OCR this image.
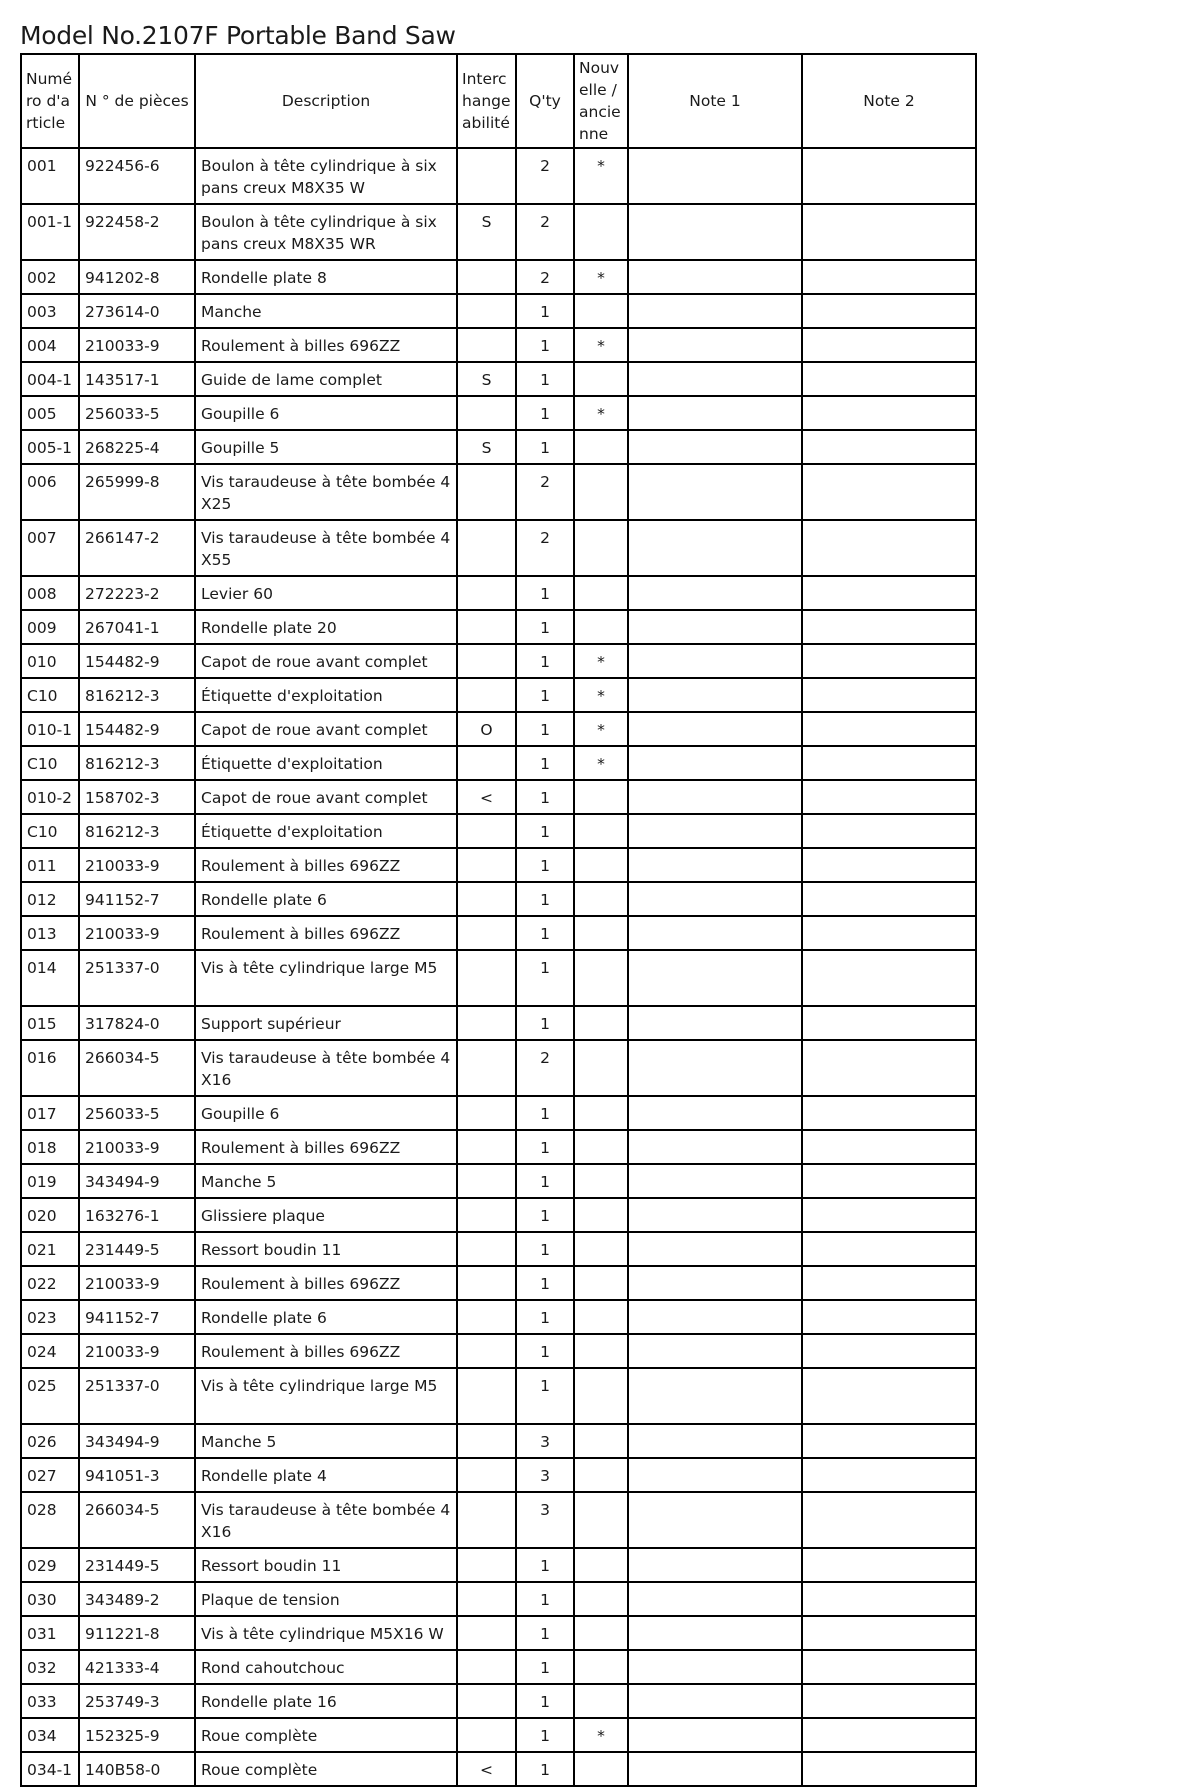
Model No.2107F Portable Band Saw
Numéro d'article	N ° de pièces	Description	Interchangeabilité	Q'ty	Nouvelle / ancienne	Note 1	Note 2
001	922456-6	Boulon à tête cylindrique à six pans creux M8X35 W		2	*		
001-1	922458-2	Boulon à tête cylindrique à six pans creux M8X35 WR	S	2			
002	941202-8	Rondelle plate 8		2	*		
003	273614-0	Manche		1			
004	210033-9	Roulement à billes 696ZZ		1	*		
004-1	143517-1	Guide de lame complet	S	1			
005	256033-5	Goupille 6		1	*		
005-1	268225-4	Goupille 5	S	1			
006	265999-8	Vis taraudeuse à tête bombée 4X25		2			
007	266147-2	Vis taraudeuse à tête bombée 4X55		2			
008	272223-2	Levier 60		1			
009	267041-1	Rondelle plate 20		1			
010	154482-9	Capot de roue avant complet		1	*		
C10	816212-3	Étiquette d'exploitation		1	*		
010-1	154482-9	Capot de roue avant complet	O	1	*		
C10	816212-3	Étiquette d'exploitation		1	*		
010-2	158702-3	Capot de roue avant complet	<	1			
C10	816212-3	Étiquette d'exploitation		1			
011	210033-9	Roulement à billes 696ZZ		1			
012	941152-7	Rondelle plate 6		1			
013	210033-9	Roulement à billes 696ZZ		1			
014	251337-0	Vis à tête cylindrique large M5		1			
015	317824-0	Support supérieur		1			
016	266034-5	Vis taraudeuse à tête bombée 4X16		2			
017	256033-5	Goupille 6		1			
018	210033-9	Roulement à billes 696ZZ		1			
019	343494-9	Manche 5		1			
020	163276-1	Glissiere plaque		1			
021	231449-5	Ressort boudin 11		1			
022	210033-9	Roulement à billes 696ZZ		1			
023	941152-7	Rondelle plate 6		1			
024	210033-9	Roulement à billes 696ZZ		1			
025	251337-0	Vis à tête cylindrique large M5		1			
026	343494-9	Manche 5		3			
027	941051-3	Rondelle plate 4		3			
028	266034-5	Vis taraudeuse à tête bombée 4X16		3			
029	231449-5	Ressort boudin 11		1			
030	343489-2	Plaque de tension		1			
031	911221-8	Vis à tête cylindrique M5X16 W		1			
032	421333-4	Rond cahoutchouc		1			
033	253749-3	Rondelle plate 16		1			
034	152325-9	Roue complète		1	*		
034-1	140B58-0	Roue complète	<	1			
